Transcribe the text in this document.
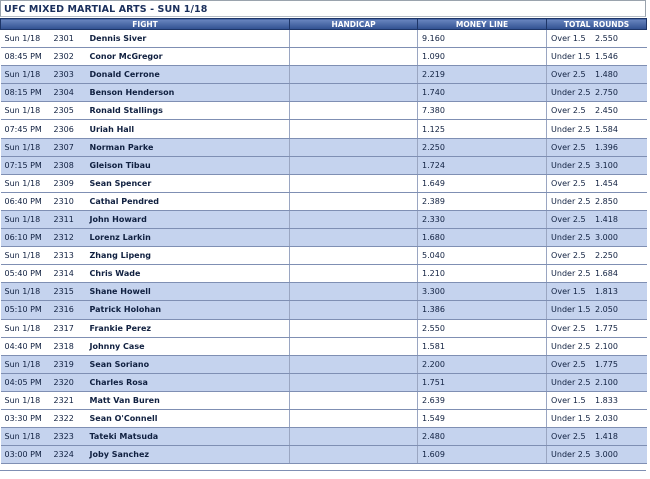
UFC MIXED MARTIAL ARTS - SUN 1/18
FIGHT			HANDICAP	MONEY LINE	TOTAL ROUNDS
Sun 1/18	2301	Dennis Siver		9.160	Over 1.5 2.550
08:45 PM	2302	Conor McGregor		1.090	Under 1.5 1.546
Sun 1/18	2303	Donald Cerrone		2.219	Over 2.5 1.480
08:15 PM	2304	Benson Henderson		1.740	Under 2.5 2.750
Sun 1/18	2305	Ronald Stallings		7.380	Over 2.5 2.450
07:45 PM	2306	Uriah Hall		1.125	Under 2.5 1.584
Sun 1/18	2307	Norman Parke		2.250	Over 2.5 1.396
07:15 PM	2308	Gleison Tibau		1.724	Under 2.5 3.100
Sun 1/18	2309	Sean Spencer		1.649	Over 2.5 1.454
06:40 PM	2310	Cathal Pendred		2.389	Under 2.5 2.850
Sun 1/18	2311	John Howard		2.330	Over 2.5 1.418
06:10 PM	2312	Lorenz Larkin		1.680	Under 2.5 3.000
Sun 1/18	2313	Zhang Lipeng		5.040	Over 2.5 2.250
05:40 PM	2314	Chris Wade		1.210	Under 2.5 1.684
Sun 1/18	2315	Shane Howell		3.300	Over 1.5 1.813
05:10 PM	2316	Patrick Holohan		1.386	Under 1.5 2.050
Sun 1/18	2317	Frankie Perez		2.550	Over 2.5 1.775
04:40 PM	2318	Johnny Case		1.581	Under 2.5 2.100
Sun 1/18	2319	Sean Soriano		2.200	Over 2.5 1.775
04:05 PM	2320	Charles Rosa		1.751	Under 2.5 2.100
Sun 1/18	2321	Matt Van Buren		2.639	Over 1.5 1.833
03:30 PM	2322	Sean O'Connell		1.549	Under 1.5 2.030
Sun 1/18	2323	Tateki Matsuda		2.480	Over 2.5 1.418
03:00 PM	2324	Joby Sanchez		1.609	Under 2.5 3.000
